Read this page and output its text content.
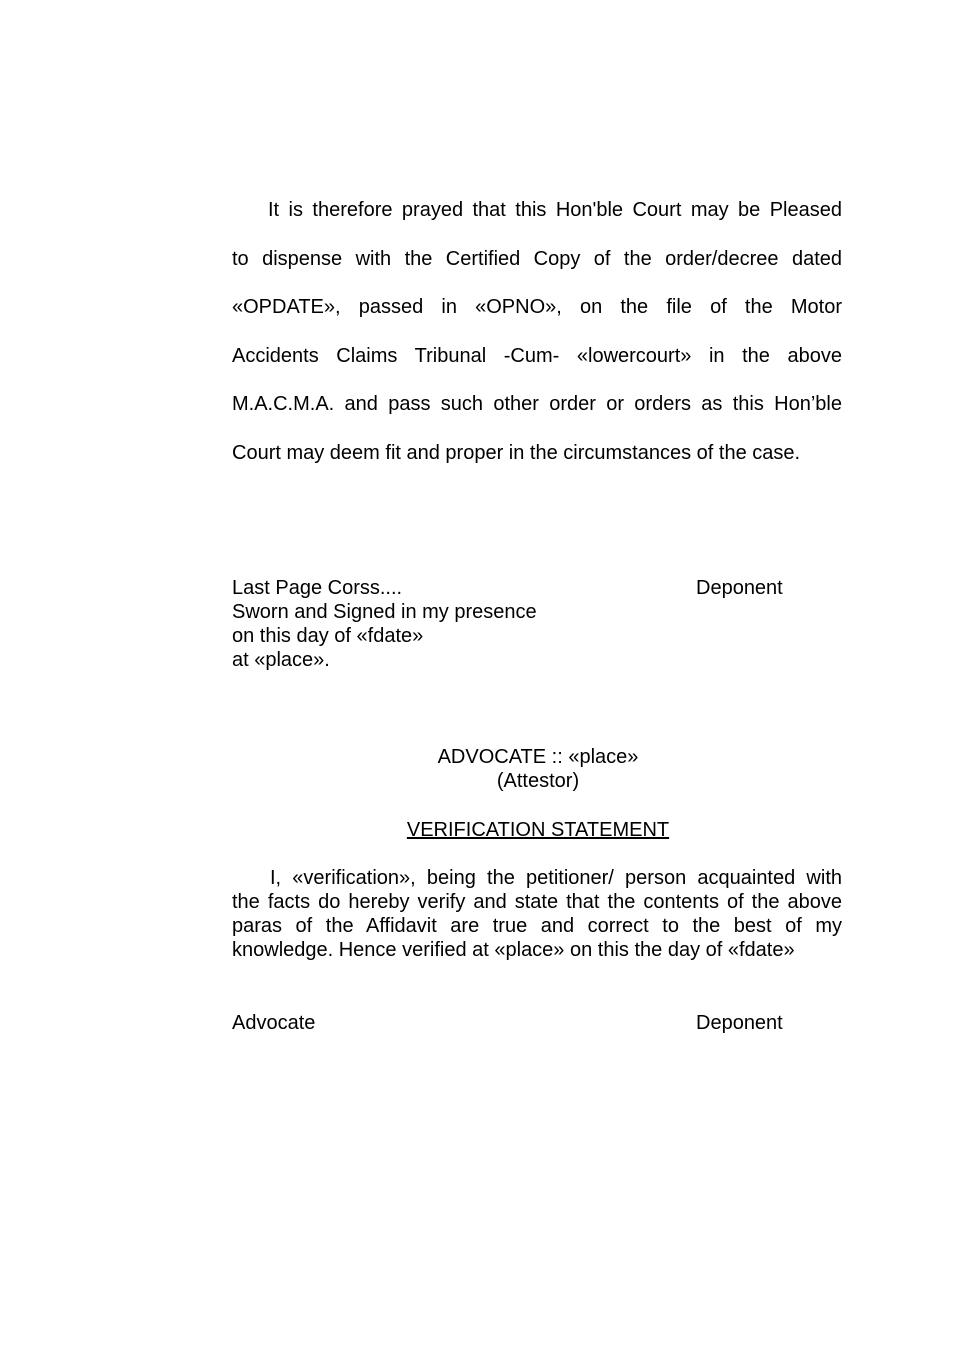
It is therefore prayed that this Hon'ble Court may be Pleased
to dispense with the Certified Copy of the order/decree dated
«OPDATE», passed in «OPNO», on the file of the Motor
Accidents Claims Tribunal -Cum- «lowercourt» in the above
M.A.C.M.A. and pass such other order or orders as this Hon’ble
Court may deem fit and proper in the circumstances of the case.
Last Page Corss....
Sworn and Signed in my presence
on this day of «fdate»
at «place».
Deponent
ADVOCATE :: «place»
(Attestor)
VERIFICATION STATEMENT
I, «verification», being the petitioner/ person acquainted with
the facts do hereby verify and state that the contents of the above
paras of the Affidavit are true and correct to the best of my
knowledge. Hence verified at «place» on this the day of «fdate»
Advocate	Deponent
